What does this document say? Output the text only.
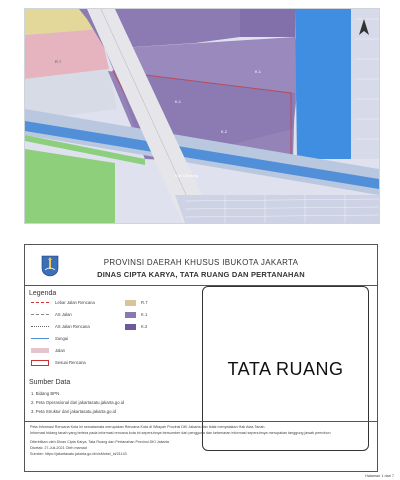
Kali Ciliwung
K.1
K.2
R.7
K.1
PROVINSI DAERAH KHUSUS IBUKOTA JAKARTA
DINAS CIPTA KARYA, TATA RUANG DAN PERTANAHAN
Legenda
Lebar Jalan Rencana
AS Jalan
AS Jalan Rencana
Sungai
Jalan
Sesuai Rencana
R.7
K.1
K.2
TATA RUANG
Sumber Data
1. Bidang BPN
2. Peta Operasional dari jakartasatu.jakarta.go.id
3. Peta Struktur dari jakartasatu.jakarta.go.id
Peta Informasi Rencana Kota ini sematamata merupakan Rencana Kota di Wilayah Provinsi DKI Jakarta dan tidak menyatakan Hak Atas Tanah.
Informasi bidang tanah yang tertera pada informasi rencana kota ini sepenuhnya bersumber dari pengguna dan kebenaran informasi sepenuhnya merupakan tanggung jawab pemohon
Diterbitkan oleh Dinas Cipta Karya, Tata Ruang dan Pertanahan Provinsi DKI Jakarta
Dicetak: 27-Juli-2021 Oleh mamad
Sumber: https://jakartasatu.jakarta.go.id/visMobel_id/21143
Halaman 1 dari 7
